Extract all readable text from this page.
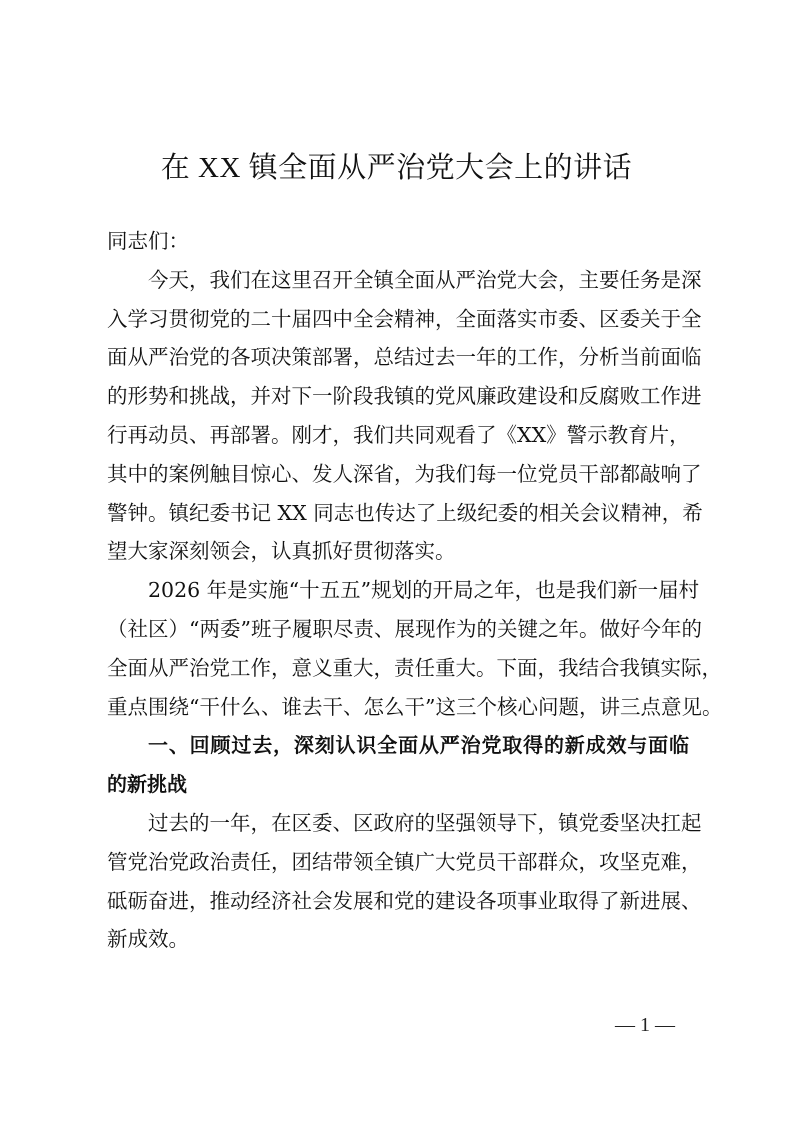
在 XX 镇全面从严治党大会上的讲话
同志们：
今天，我们在这里召开全镇全面从严治党大会，主要任务是深
入学习贯彻党的二十届四中全会精神，全面落实市委、区委关于全
面从严治党的各项决策部署，总结过去一年的工作，分析当前面临
的形势和挑战，并对下一阶段我镇的党风廉政建设和反腐败工作进
行再动员、再部署。刚才，我们共同观看了《XX》警示教育片，
其中的案例触目惊心、发人深省，为我们每一位党员干部都敲响了
警钟。镇纪委书记 XX 同志也传达了上级纪委的相关会议精神，希
望大家深刻领会，认真抓好贯彻落实。
2026 年是实施“十五五”规划的开局之年，也是我们新一届村
（社区）“两委”班子履职尽责、展现作为的关键之年。做好今年的
全面从严治党工作，意义重大，责任重大。下面，我结合我镇实际，
重点围绕“干什么、谁去干、怎么干”这三个核心问题，讲三点意见。
一、回顾过去，深刻认识全面从严治党取得的新成效与面临
的新挑战
过去的一年，在区委、区政府的坚强领导下，镇党委坚决扛起
管党治党政治责任，团结带领全镇广大党员干部群众，攻坚克难，
砥砺奋进，推动经济社会发展和党的建设各项事业取得了新进展、
新成效。
— 1 —
